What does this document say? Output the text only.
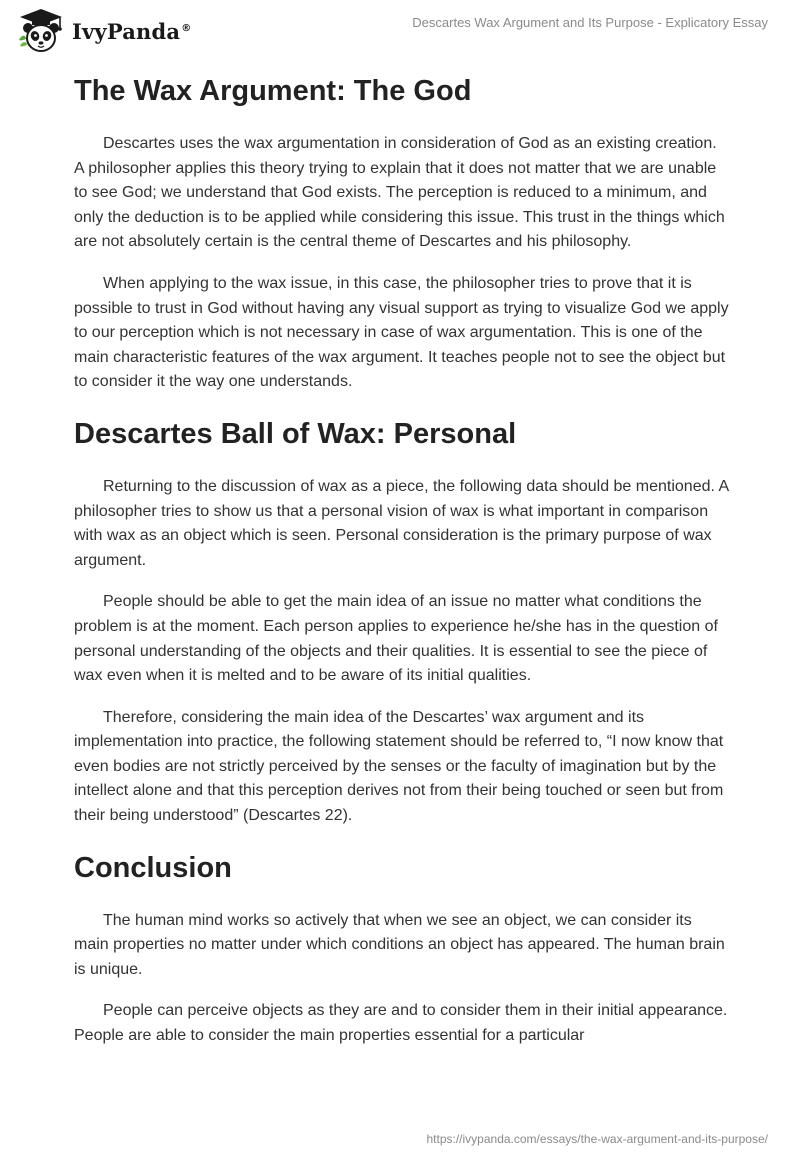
IvyPanda®	Descartes Wax Argument and Its Purpose - Explicatory Essay
The Wax Argument: The God

Descartes uses the wax argumentation in consideration of God as an existing creation. A philosopher applies this theory trying to explain that it does not matter that we are unable to see God; we understand that God exists. The perception is reduced to a minimum, and only the deduction is to be applied while considering this issue. This trust in the things which are not absolutely certain is the central theme of Descartes and his philosophy.

When applying to the wax issue, in this case, the philosopher tries to prove that it is possible to trust in God without having any visual support as trying to visualize God we apply to our perception which is not necessary in case of wax argumentation. This is one of the main characteristic features of the wax argument. It teaches people not to see the object but to consider it the way one understands.

Descartes Ball of Wax: Personal

Returning to the discussion of wax as a piece, the following data should be mentioned. A philosopher tries to show us that a personal vision of wax is what important in comparison with wax as an object which is seen. Personal consideration is the primary purpose of wax argument.

People should be able to get the main idea of an issue no matter what conditions the problem is at the moment. Each person applies to experience he/she has in the question of personal understanding of the objects and their qualities. It is essential to see the piece of wax even when it is melted and to be aware of its initial qualities.

Therefore, considering the main idea of the Descartes’ wax argument and its implementation into practice, the following statement should be referred to, “I now know that even bodies are not strictly perceived by the senses or the faculty of imagination but by the intellect alone and that this perception derives not from their being touched or seen but from their being understood” (Descartes 22).

Conclusion

The human mind works so actively that when we see an object, we can consider its main properties no matter under which conditions an object has appeared. The human brain is unique.

People can perceive objects as they are and to consider them in their initial appearance. People are able to consider the main properties essential for a particular

https://ivypanda.com/essays/the-wax-argument-and-its-purpose/
